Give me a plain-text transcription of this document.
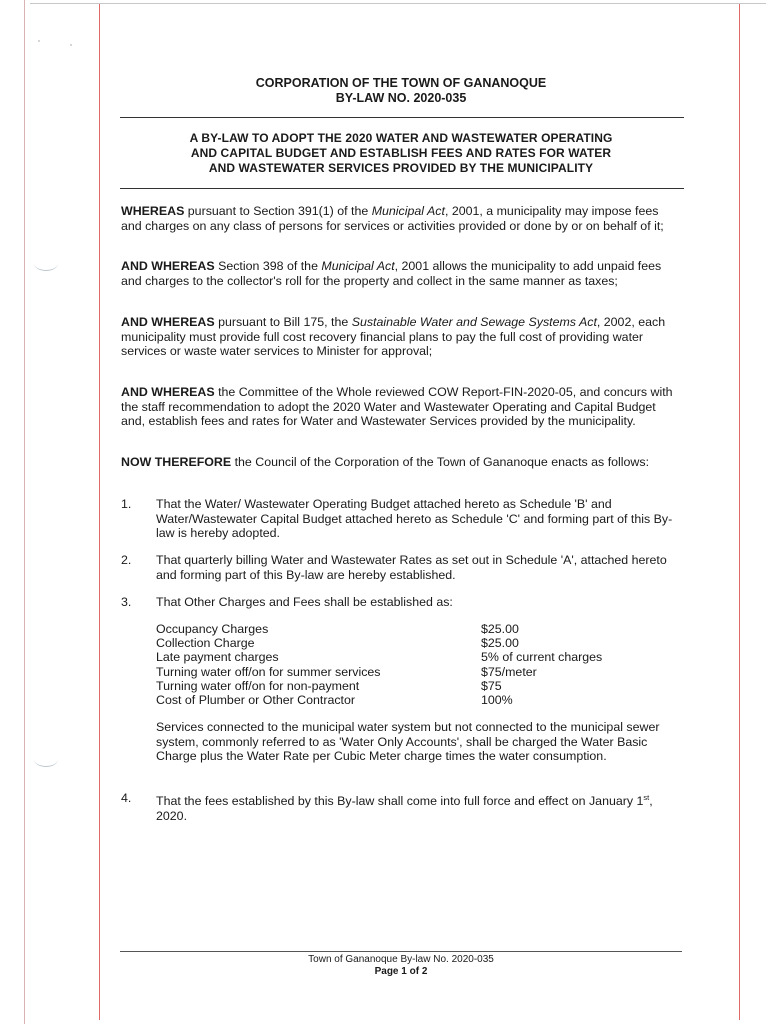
CORPORATION OF THE TOWN OF GANANOQUE
BY-LAW NO. 2020-035
A BY-LAW TO ADOPT THE 2020 WATER AND WASTEWATER OPERATING
AND CAPITAL BUDGET AND ESTABLISH FEES AND RATES FOR WATER
AND WASTEWATER SERVICES PROVIDED BY THE MUNICIPALITY

WHEREAS pursuant to Section 391(1) of the Municipal Act, 2001, a municipality may impose fees and charges on any class of persons for services or activities provided or done by or on behalf of it;

AND WHEREAS Section 398 of the Municipal Act, 2001 allows the municipality to add unpaid fees and charges to the collector's roll for the property and collect in the same manner as taxes;

AND WHEREAS pursuant to Bill 175, the Sustainable Water and Sewage Systems Act, 2002, each municipality must provide full cost recovery financial plans to pay the full cost of providing water services or waste water services to Minister for approval;

AND WHEREAS the Committee of the Whole reviewed COW Report-FIN-2020-05, and concurs with the staff recommendation to adopt the 2020 Water and Wastewater Operating and Capital Budget and, establish fees and rates for Water and Wastewater Services provided by the municipality.

NOW THEREFORE the Council of the Corporation of the Town of Gananoque enacts as follows:

1.	That the Water/ Wastewater Operating Budget attached hereto as Schedule 'B' and Water/Wastewater Capital Budget attached hereto as Schedule 'C' and forming part of this By-law is hereby adopted.
2.	That quarterly billing Water and Wastewater Rates as set out in Schedule 'A', attached hereto and forming part of this By-law are hereby established.
3.	That Other Charges and Fees shall be established as:
Occupancy Charges	$25.00
Collection Charge	$25.00
Late payment charges	5% of current charges
Turning water off/on for summer services	$75/meter
Turning water off/on for non-payment	$75
Cost of Plumber or Other Contractor	100%
Services connected to the municipal water system but not connected to the municipal sewer system, commonly referred to as 'Water Only Accounts', shall be charged the Water Basic Charge plus the Water Rate per Cubic Meter charge times the water consumption.
4.	That the fees established by this By-law shall come into full force and effect on January 1st, 2020.
Town of Gananoque By-law No. 2020-035
Page 1 of 2
